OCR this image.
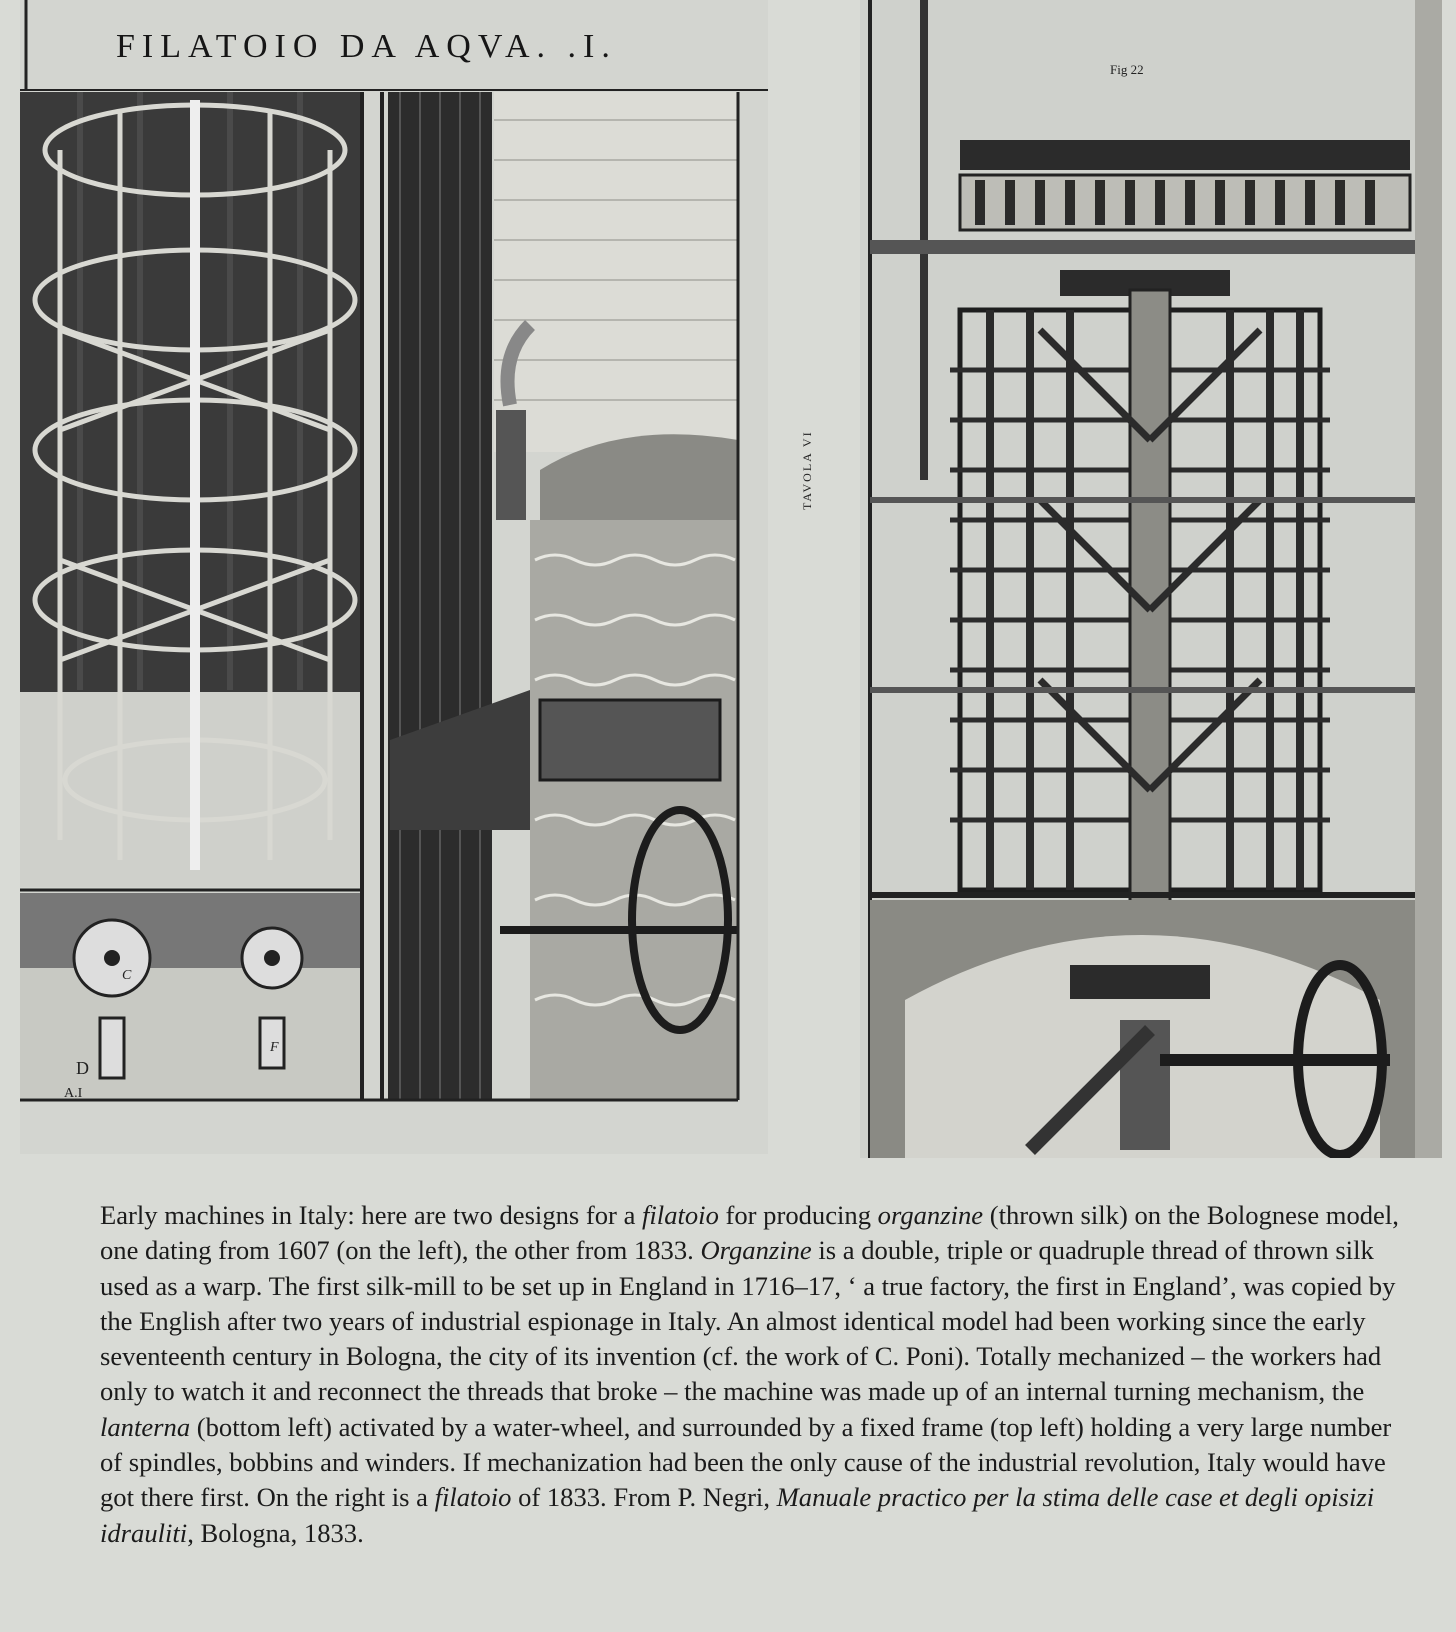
FILATOIO DA AQVA. .I.
C
D
F
A.I
Fig 22
TAVOLA VI

Early machines in Italy: here are two designs for a filatoio for producing organzine (thrown silk) on the Bolognese model, one dating from 1607 (on the left), the other from 1833. Organzine is a double, triple or quadruple thread of thrown silk used as a warp. The first silk-mill to be set up in England in 1716–17, ‘ a true factory, the first in England’, was copied by the English after two years of industrial espionage in Italy. An almost identical model had been working since the early seventeenth century in Bologna, the city of its invention (cf. the work of C. Poni). Totally mechanized – the workers had only to watch it and reconnect the threads that broke – the machine was made up of an internal turning mechanism, the lanterna (bottom left) activated by a water-wheel, and surrounded by a fixed frame (top left) holding a very large number of spindles, bobbins and winders. If mechanization had been the only cause of the industrial revolution, Italy would have got there first. On the right is a filatoio of 1833. From P. Negri, Manuale practico per la stima delle case et degli opisizi idrauliti, Bologna, 1833.
